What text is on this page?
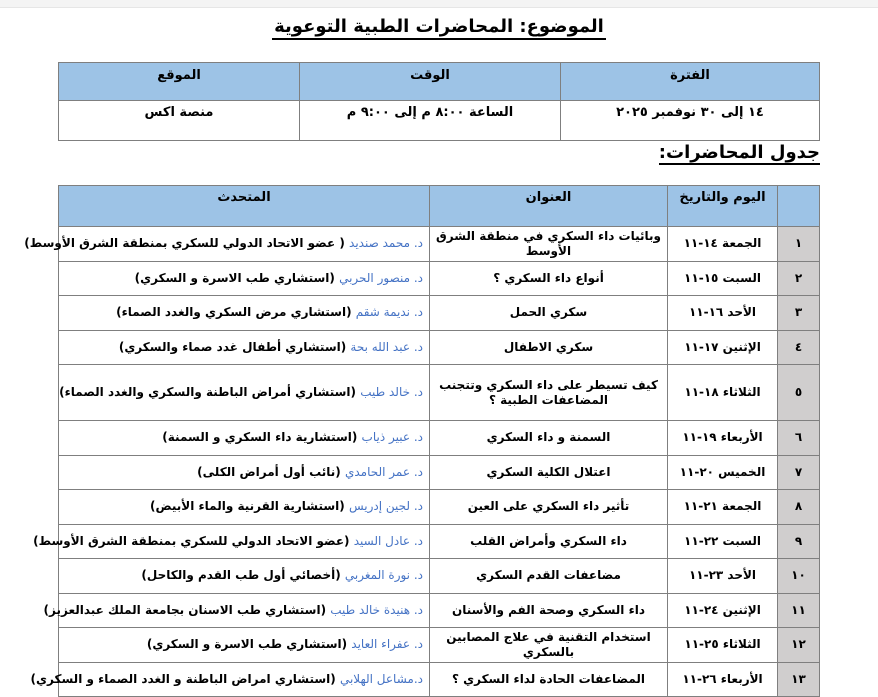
الموضوع: المحاضرات الطبية التوعوية
الفترة	الوقت	الموقع
١٤ إلى ٣٠ نوفمبر ٢٠٢٥	الساعة ٨:٠٠ م إلى ٩:٠٠ م	منصة اكس
جدول المحاضرات:
	اليوم والتاريخ	العنوان	المتحدث
١	الجمعة ١٤-١١	وبائيات داء السكري في منطقة الشرق الأوسط	د. محمد صنديد ( عضو الاتحاد الدولي للسكري بمنطقة الشرق الأوسط)
٢	السبت ١٥-١١	أنواع داء السكري ؟	د. منصور الحربي (استشاري طب الاسرة و السكري)
٣	الأحد ١٦-١١	سكري الحمل	د. نديمة شقم (استشاري مرض السكري والغدد الصماء)
٤	الإثنين ١٧-١١	سكري الاطفال	د. عبد الله بحة (استشاري أطفال غدد صماء والسكري)
٥	الثلاثاء ١٨-١١	كيف تسيطر على داء السكري وتتجنب المضاعفات الطبية ؟	د. خالد طيب (استشاري أمراض الباطنة والسكري والغدد الصماء)
٦	الأربعاء ١٩-١١	السمنة و داء السكري	د. عبير ذياب (استشارية داء السكري و السمنة)
٧	الخميس ٢٠-١١	اعتلال الكلية السكري	د. عمر الحامدي (نائب أول أمراض الكلى)
٨	الجمعة ٢١-١١	تأثير داء السكري على العين	د. لجين إدريس (استشارية القرنية والماء الأبيض)
٩	السبت ٢٢-١١	داء السكري وأمراض القلب	د. عادل السيد (عضو الاتحاد الدولي للسكري بمنطقة الشرق الأوسط)
١٠	الأحد ٢٣-١١	مضاعفات القدم السكري	د. نورة المغربي (أخصائي أول طب القدم والكاحل)
١١	الإثنين ٢٤-١١	داء السكري وصحة الفم والأسنان	د. هنيدة خالد طيب (استشاري طب الاسنان بجامعة الملك عبدالعزيز)
١٢	الثلاثاء ٢٥-١١	استخدام التقنية في علاج المصابين بالسكري	د. عفراء العايد (استشاري طب الاسرة و السكري)
١٣	الأربعاء ٢٦-١١	المضاعفات الحادة لداء السكري ؟	د.مشاعل الهلابي (استشاري امراض الباطنة و الغدد الصماء و السكري)
